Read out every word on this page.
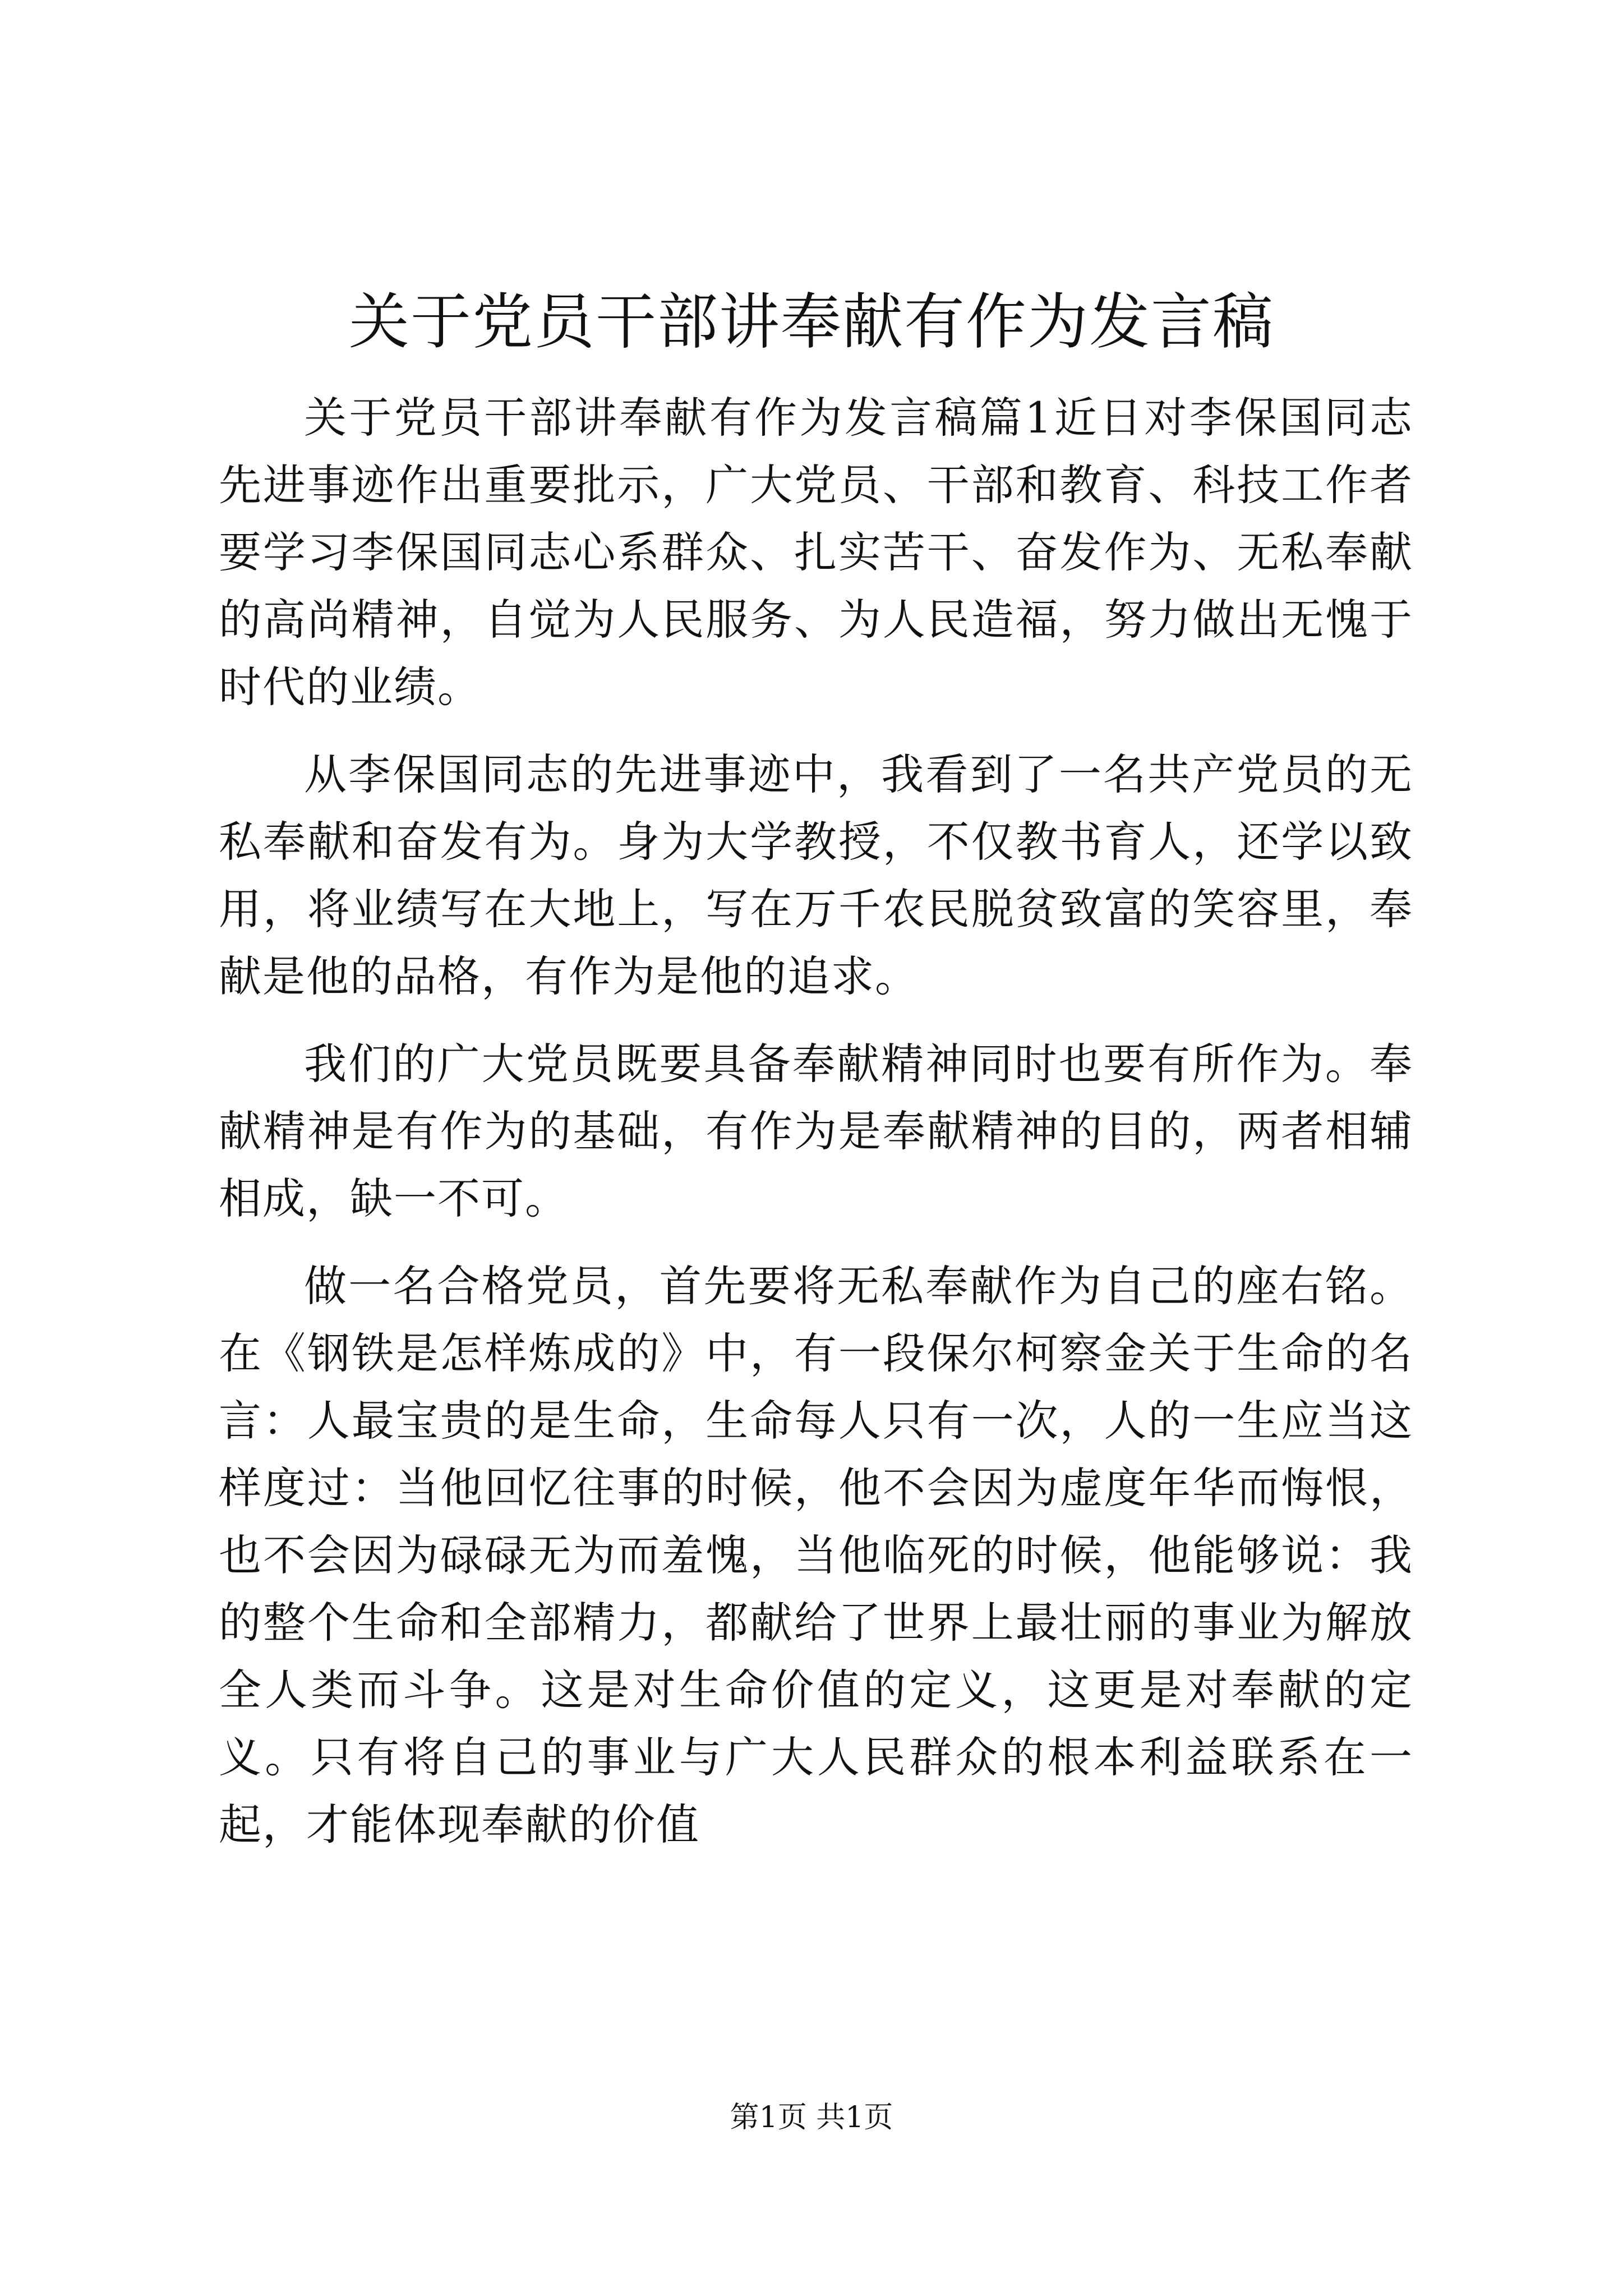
关于党员干部讲奉献有作为发言稿

关于党员干部讲奉献有作为发言稿篇1近日对李保国同志先进事迹作出重要批示，广大党员、干部和教育、科技工作者要学习李保国同志心系群众、扎实苦干、奋发作为、无私奉献的高尚精神，自觉为人民服务、为人民造福，努力做出无愧于时代的业绩。

从李保国同志的先进事迹中，我看到了一名共产党员的无私奉献和奋发有为。身为大学教授，不仅教书育人，还学以致用，将业绩写在大地上，写在万千农民脱贫致富的笑容里，奉献是他的品格，有作为是他的追求。

我们的广大党员既要具备奉献精神同时也要有所作为。奉献精神是有作为的基础，有作为是奉献精神的目的，两者相辅相成，缺一不可。

做一名合格党员，首先要将无私奉献作为自己的座右铭。在《钢铁是怎样炼成的》中，有一段保尔柯察金关于生命的名言：人最宝贵的是生命，生命每人只有一次，人的一生应当这样度过：当他回忆往事的时候，他不会因为虚度年华而悔恨，也不会因为碌碌无为而羞愧，当他临死的时候，他能够说：我的整个生命和全部精力，都献给了世界上最壮丽的事业为解放全人类而斗争。这是对生命价值的定义，这更是对奉献的定义。只有将自己的事业与广大人民群众的根本利益联系在一起，才能体现奉献的价值

第1页 共1页
